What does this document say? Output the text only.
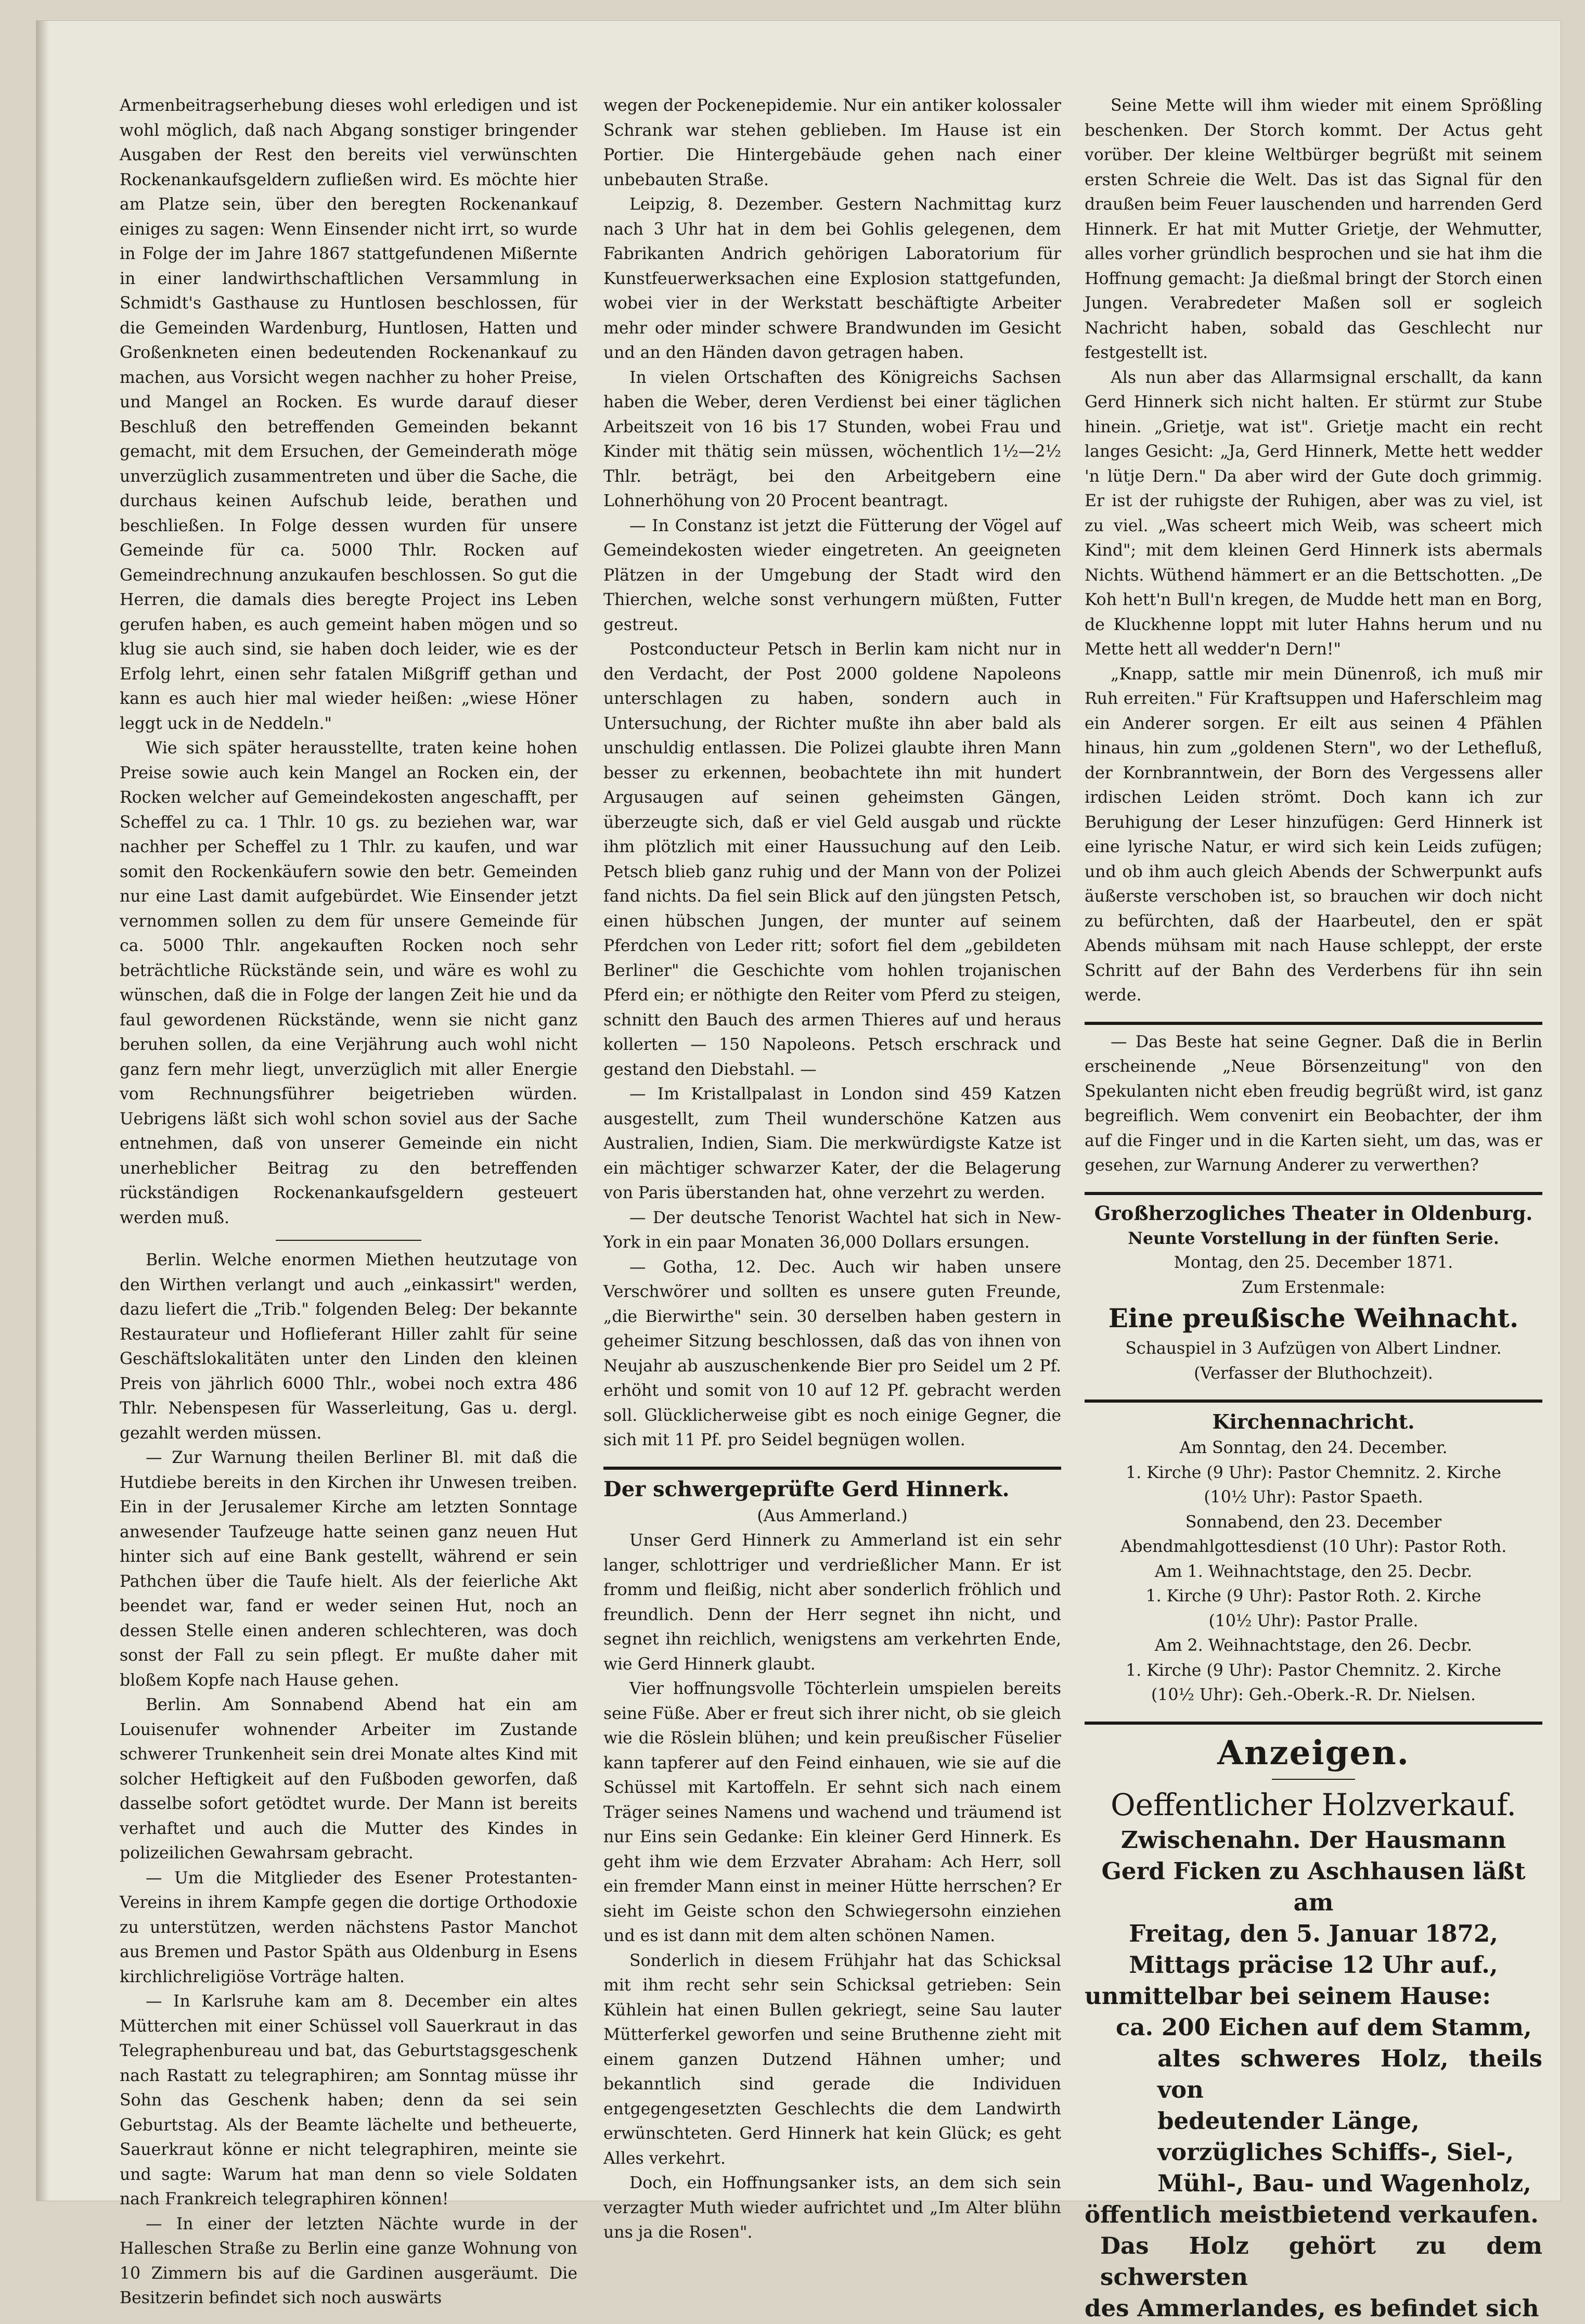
Armenbeitragserhebung dieses wohl erledigen und ist wohl möglich, daß nach Abgang sonstiger bringender Ausgaben der Rest den bereits viel verwünschten Rockenankaufsgeldern zufließen wird. Es möchte hier am Platze sein, über den beregten Rockenankauf einiges zu sagen: Wenn Einsender nicht irrt, so wurde in Folge der im Jahre 1867 stattgefundenen Mißernte in einer landwirthschaftlichen Versammlung in Schmidt's Gasthause zu Huntlosen beschlossen, für die Gemeinden Wardenburg, Huntlosen, Hatten und Großenkneten einen bedeutenden Rockenankauf zu machen, aus Vorsicht wegen nachher zu hoher Preise, und Mangel an Rocken. Es wurde darauf dieser Beschluß den betreffenden Gemeinden bekannt gemacht, mit dem Ersuchen, der Gemeinderath möge unverzüglich zusammentreten und über die Sache, die durchaus keinen Aufschub leide, berathen und beschließen. In Folge dessen wurden für unsere Gemeinde für ca. 5000 Thlr. Rocken auf Gemeindrechnung anzukaufen beschlossen. So gut die Herren, die damals dies beregte Project ins Leben gerufen haben, es auch gemeint haben mögen und so klug sie auch sind, sie haben doch leider, wie es der Erfolg lehrt, einen sehr fatalen Mißgriff gethan und kann es auch hier mal wieder heißen: „wiese Höner leggt uck in de Neddeln."

Wie sich später herausstellte, traten keine hohen Preise sowie auch kein Mangel an Rocken ein, der Rocken welcher auf Gemeindekosten angeschafft, per Scheffel zu ca. 1 Thlr. 10 gs. zu beziehen war, war nachher per Scheffel zu 1 Thlr. zu kaufen, und war somit den Rockenkäufern sowie den betr. Gemeinden nur eine Last damit aufgebürdet. Wie Einsender jetzt vernommen sollen zu dem für unsere Gemeinde für ca. 5000 Thlr. angekauften Rocken noch sehr beträchtliche Rückstände sein, und wäre es wohl zu wünschen, daß die in Folge der langen Zeit hie und da faul gewordenen Rückstände, wenn sie nicht ganz beruhen sollen, da eine Verjährung auch wohl nicht ganz fern mehr liegt, unverzüglich mit aller Energie vom Rechnungsführer beigetrieben würden. Uebrigens läßt sich wohl schon soviel aus der Sache entnehmen, daß von unserer Gemeinde ein nicht unerheblicher Beitrag zu den betreffenden rückständigen Rockenankaufsgeldern gesteuert werden muß.

Berlin. Welche enormen Miethen heutzutage von den Wirthen verlangt und auch „einkassirt" werden, dazu liefert die „Trib." folgenden Beleg: Der bekannte Restaurateur und Hoflieferant Hiller zahlt für seine Geschäftslokalitäten unter den Linden den kleinen Preis von jährlich 6000 Thlr., wobei noch extra 486 Thlr. Nebenspesen für Wasserleitung, Gas u. dergl. gezahlt werden müssen.

— Zur Warnung theilen Berliner Bl. mit daß die Hutdiebe bereits in den Kirchen ihr Unwesen treiben. Ein in der Jerusalemer Kirche am letzten Sonntage anwesender Taufzeuge hatte seinen ganz neuen Hut hinter sich auf eine Bank gestellt, während er sein Pathchen über die Taufe hielt. Als der feierliche Akt beendet war, fand er weder seinen Hut, noch an dessen Stelle einen anderen schlechteren, was doch sonst der Fall zu sein pflegt. Er mußte daher mit bloßem Kopfe nach Hause gehen.

Berlin. Am Sonnabend Abend hat ein am Louisenufer wohnender Arbeiter im Zustande schwerer Trunkenheit sein drei Monate altes Kind mit solcher Heftigkeit auf den Fußboden geworfen, daß dasselbe sofort getödtet wurde. Der Mann ist bereits verhaftet und auch die Mutter des Kindes in polizeilichen Gewahrsam gebracht.

— Um die Mitglieder des Esener Protestanten-Vereins in ihrem Kampfe gegen die dortige Orthodoxie zu unterstützen, werden nächstens Pastor Manchot aus Bremen und Pastor Späth aus Oldenburg in Esens kirchlichreligiöse Vorträge halten.

— In Karlsruhe kam am 8. December ein altes Mütterchen mit einer Schüssel voll Sauerkraut in das Telegraphenbureau und bat, das Geburtstagsgeschenk nach Rastatt zu telegraphiren; am Sonntag müsse ihr Sohn das Geschenk haben; denn da sei sein Geburtstag. Als der Beamte lächelte und betheuerte, Sauerkraut könne er nicht telegraphiren, meinte sie und sagte: Warum hat man denn so viele Soldaten nach Frankreich telegraphiren können!

— In einer der letzten Nächte wurde in der Halleschen Straße zu Berlin eine ganze Wohnung von 10 Zimmern bis auf die Gardinen ausgeräumt. Die Besitzerin befindet sich noch auswärts

wegen der Pockenepidemie. Nur ein antiker kolossaler Schrank war stehen geblieben. Im Hause ist ein Portier. Die Hintergebäude gehen nach einer unbebauten Straße.

Leipzig, 8. Dezember. Gestern Nachmittag kurz nach 3 Uhr hat in dem bei Gohlis gelegenen, dem Fabrikanten Andrich gehörigen Laboratorium für Kunstfeuerwerksachen eine Explosion stattgefunden, wobei vier in der Werkstatt beschäftigte Arbeiter mehr oder minder schwere Brandwunden im Gesicht und an den Händen davon getragen haben.

In vielen Ortschaften des Königreichs Sachsen haben die Weber, deren Verdienst bei einer täglichen Arbeitszeit von 16 bis 17 Stunden, wobei Frau und Kinder mit thätig sein müssen, wöchentlich 1½—2½ Thlr. beträgt, bei den Arbeitgebern eine Lohnerhöhung von 20 Procent beantragt.

— In Constanz ist jetzt die Fütterung der Vögel auf Gemeindekosten wieder eingetreten. An geeigneten Plätzen in der Umgebung der Stadt wird den Thierchen, welche sonst verhungern müßten, Futter gestreut.

Postconducteur Petsch in Berlin kam nicht nur in den Verdacht, der Post 2000 goldene Napoleons unterschlagen zu haben, sondern auch in Untersuchung, der Richter mußte ihn aber bald als unschuldig entlassen. Die Polizei glaubte ihren Mann besser zu erkennen, beobachtete ihn mit hundert Argusaugen auf seinen geheimsten Gängen, überzeugte sich, daß er viel Geld ausgab und rückte ihm plötzlich mit einer Haussuchung auf den Leib. Petsch blieb ganz ruhig und der Mann von der Polizei fand nichts. Da fiel sein Blick auf den jüngsten Petsch, einen hübschen Jungen, der munter auf seinem Pferdchen von Leder ritt; sofort fiel dem „gebildeten Berliner" die Geschichte vom hohlen trojanischen Pferd ein; er nöthigte den Reiter vom Pferd zu steigen, schnitt den Bauch des armen Thieres auf und heraus kollerten — 150 Napoleons. Petsch erschrack und gestand den Diebstahl. —

— Im Kristallpalast in London sind 459 Katzen ausgestellt, zum Theil wunderschöne Katzen aus Australien, Indien, Siam. Die merkwürdigste Katze ist ein mächtiger schwarzer Kater, der die Belagerung von Paris überstanden hat, ohne verzehrt zu werden.

— Der deutsche Tenorist Wachtel hat sich in New-York in ein paar Monaten 36,000 Dollars ersungen.

— Gotha, 12. Dec. Auch wir haben unsere Verschwörer und sollten es unsere guten Freunde, „die Bierwirthe" sein. 30 derselben haben gestern in geheimer Sitzung beschlossen, daß das von ihnen von Neujahr ab auszuschenkende Bier pro Seidel um 2 Pf. erhöht und somit von 10 auf 12 Pf. gebracht werden soll. Glücklicherweise gibt es noch einige Gegner, die sich mit 11 Pf. pro Seidel begnügen wollen.

Der schwergeprüfte Gerd Hinnerk.
(Aus Ammerland.)

Unser Gerd Hinnerk zu Ammerland ist ein sehr langer, schlottriger und verdrießlicher Mann. Er ist fromm und fleißig, nicht aber sonderlich fröhlich und freundlich. Denn der Herr segnet ihn nicht, und segnet ihn reichlich, wenigstens am verkehrten Ende, wie Gerd Hinnerk glaubt.

Vier hoffnungsvolle Töchterlein umspielen bereits seine Füße. Aber er freut sich ihrer nicht, ob sie gleich wie die Röslein blühen; und kein preußischer Füselier kann tapferer auf den Feind einhauen, wie sie auf die Schüssel mit Kartoffeln. Er sehnt sich nach einem Träger seines Namens und wachend und träumend ist nur Eins sein Gedanke: Ein kleiner Gerd Hinnerk. Es geht ihm wie dem Erzvater Abraham: Ach Herr, soll ein fremder Mann einst in meiner Hütte herrschen? Er sieht im Geiste schon den Schwiegersohn einziehen und es ist dann mit dem alten schönen Namen.

Sonderlich in diesem Frühjahr hat das Schicksal mit ihm recht sehr sein Schicksal getrieben: Sein Kühlein hat einen Bullen gekriegt, seine Sau lauter Mütterferkel geworfen und seine Bruthenne zieht mit einem ganzen Dutzend Hähnen umher; und bekanntlich sind gerade die Individuen entgegengesetzten Geschlechts die dem Landwirth erwünschteten. Gerd Hinnerk hat kein Glück; es geht Alles verkehrt.

Doch, ein Hoffnungsanker ists, an dem sich sein verzagter Muth wieder aufrichtet und „Im Alter blühn uns ja die Rosen".

Seine Mette will ihm wieder mit einem Sprößling beschenken. Der Storch kommt. Der Actus geht vorüber. Der kleine Weltbürger begrüßt mit seinem ersten Schreie die Welt. Das ist das Signal für den draußen beim Feuer lauschenden und harrenden Gerd Hinnerk. Er hat mit Mutter Grietje, der Wehmutter, alles vorher gründlich besprochen und sie hat ihm die Hoffnung gemacht: Ja dießmal bringt der Storch einen Jungen. Verabredeter Maßen soll er sogleich Nachricht haben, sobald das Geschlecht nur festgestellt ist.

Als nun aber das Allarmsignal erschallt, da kann Gerd Hinnerk sich nicht halten. Er stürmt zur Stube hinein. „Grietje, wat ist". Grietje macht ein recht langes Gesicht: „Ja, Gerd Hinnerk, Mette hett wedder 'n lütje Dern." Da aber wird der Gute doch grimmig. Er ist der ruhigste der Ruhigen, aber was zu viel, ist zu viel. „Was scheert mich Weib, was scheert mich Kind"; mit dem kleinen Gerd Hinnerk ists abermals Nichts. Wüthend hämmert er an die Bettschotten. „De Koh hett'n Bull'n kregen, de Mudde hett man en Borg, de Kluckhenne loppt mit luter Hahns herum und nu Mette hett all wedder'n Dern!"

„Knapp, sattle mir mein Dünenroß, ich muß mir Ruh erreiten." Für Kraftsuppen und Haferschleim mag ein Anderer sorgen. Er eilt aus seinen 4 Pfählen hinaus, hin zum „goldenen Stern", wo der Lethefluß, der Kornbranntwein, der Born des Vergessens aller irdischen Leiden strömt. Doch kann ich zur Beruhigung der Leser hinzufügen: Gerd Hinnerk ist eine lyrische Natur, er wird sich kein Leids zufügen; und ob ihm auch gleich Abends der Schwerpunkt aufs äußerste verschoben ist, so brauchen wir doch nicht zu befürchten, daß der Haarbeutel, den er spät Abends mühsam mit nach Hause schleppt, der erste Schritt auf der Bahn des Verderbens für ihn sein werde.

— Das Beste hat seine Gegner. Daß die in Berlin erscheinende „Neue Börsenzeitung" von den Spekulanten nicht eben freudig begrüßt wird, ist ganz begreiflich. Wem convenirt ein Beobachter, der ihm auf die Finger und in die Karten sieht, um das, was er gesehen, zur Warnung Anderer zu verwerthen?

Großherzogliches Theater in Oldenburg.
Neunte Vorstellung in der fünften Serie.
Montag, den 25. December 1871.
Zum Erstenmale:
Eine preußische Weihnacht.
Schauspiel in 3 Aufzügen von Albert Lindner.
(Verfasser der Bluthochzeit).
Kirchennachricht.
Am Sonntag, den 24. December.
1. Kirche (9 Uhr): Pastor Chemnitz. 2. Kirche
(10½ Uhr): Pastor Spaeth.
Sonnabend, den 23. December
Abendmahlgottesdienst (10 Uhr): Pastor Roth.
Am 1. Weihnachtstage, den 25. Decbr.
1. Kirche (9 Uhr): Pastor Roth. 2. Kirche
(10½ Uhr): Pastor Pralle.
Am 2. Weihnachtstage, den 26. Decbr.
1. Kirche (9 Uhr): Pastor Chemnitz. 2. Kirche
(10½ Uhr): Geh.-Oberk.-R. Dr. Nielsen.
Anzeigen.
Oeffentlicher Holzverkauf.

Zwischenahn. Der Hausmann

Gerd Ficken zu Aschhausen läßt am

Freitag, den 5. Januar 1872,

Mittags präcise 12 Uhr auf.,

unmittelbar bei seinem Hause:

ca. 200 Eichen auf dem Stamm,

altes schweres Holz, theils von

bedeutender Länge,

vorzügliches Schiffs-, Siel-,

Mühl-, Bau- und Wagenholz,

öffentlich meistbietend verkaufen.

Das Holz gehört zu dem schwersten

des Ammerlandes, es befindet sich
